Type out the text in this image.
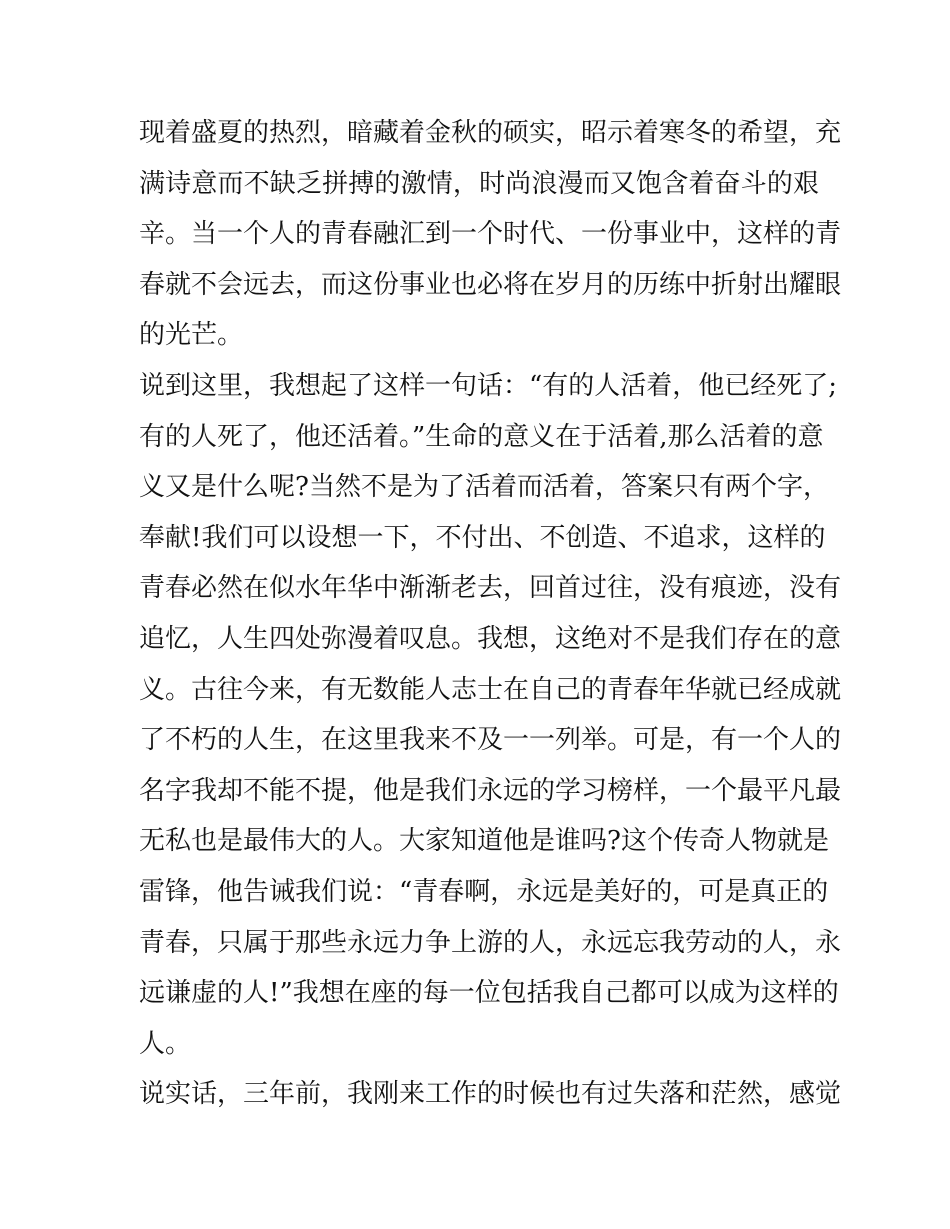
现着盛夏的热烈，暗藏着金秋的硕实，昭示着寒冬的希望，充
满诗意而不缺乏拼搏的激情，时尚浪漫而又饱含着奋斗的艰
辛。当一个人的青春融汇到一个时代、一份事业中，这样的青
春就不会远去，而这份事业也必将在岁月的历练中折射出耀眼
的光芒。
说到这里，我想起了这样一句话：“有的人活着，他已经死了;
有的人死了，他还活着。”生命的意义在于活着,那么活着的意
义又是什么呢?当然不是为了活着而活着，答案只有两个字，
奉献!我们可以设想一下，不付出、不创造、不追求，这样的
青春必然在似水年华中渐渐老去，回首过往，没有痕迹，没有
追忆，人生四处弥漫着叹息。我想，这绝对不是我们存在的意
义。古往今来，有无数能人志士在自己的青春年华就已经成就
了不朽的人生，在这里我来不及一一列举。可是，有一个人的
名字我却不能不提，他是我们永远的学习榜样，一个最平凡最
无私也是最伟大的人。大家知道他是谁吗?这个传奇人物就是
雷锋，他告诫我们说：“青春啊，永远是美好的，可是真正的
青春，只属于那些永远力争上游的人，永远忘我劳动的人，永
远谦虚的人!”我想在座的每一位包括我自己都可以成为这样的
人。
说实话，三年前，我刚来工作的时候也有过失落和茫然，感觉
